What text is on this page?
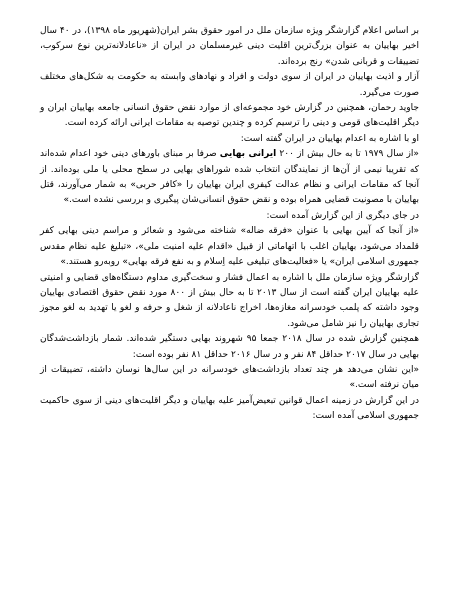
بر اساس اعلام گزارشگر ویژه سازمان ملل در امور حقوق بشر ایران(شهریور ماه ۱۳۹۸)، در ۴۰ سال اخیر بهاییان به عنوان بزرگ‌ترین اقلیت دینی غیرمسلمان در ایران از «ناعادلانه‌ترین نوع سرکوب، تضییقات و قربانی شدن» رنج برده‌اند.

آزار و اذیت بهاییان در ایران از سوی دولت و افراد و نهادهای وابسته به حکومت به شکل‌های مختلف صورت می‌گیرد.

جاوید رحمان، همچنین در گزارش خود مجموعه‌ای از موارد نقض حقوق انسانی جامعه بهاییان ایران و دیگر اقلیت‌های قومی و دینی را ترسیم کرده و چندین توصیه به مقامات ایرانی ارائه کرده است.

او با اشاره به اعدام بهاییان در ایران گفته است:

«از سال ۱۹۷۹ تا به حال بیش از ۲۰۰ ایرانی بهایی صرفا بر مبنای باورهای دینی خود اعدام شده‌اند که تقریبا نیمی از آن‌ها از نمایندگان انتخاب شده شوراهای بهایی در سطح محلی یا ملی بوده‌اند. از آنجا که مقامات ایرانی و نظام عدالت کیفری ایران بهاییان را «کافر حربی» به شمار می‌آورند، قتل بهاییان با مصونیت قضایی همراه بوده و نقض حقوق انسانی‌شان پیگیری و بررسی نشده است.»

در جای دیگری از این گزارش آمده است:

«از آنجا که آیین بهایی با عنوان «فرقه ضاله» شناخته می‌شود و شعائر و مراسم دینی بهایی کفر قلمداد می‌شود، بهاییان اغلب با اتهاماتی از قبیل «اقدام علیه امنیت ملی»، «تبلیغ علیه نظام مقدس جمهوری اسلامی ایران» یا «فعالیت‌های تبلیغی علیه ‌ا‌ِسلام و به نفع فرقه بهایی» روبه‌رو هستند.»

گزارشگر ویژه سازمان ملل با اشاره به اعمال فشار و سخت‌گیری مداوم دستگاه‌های قضایی و امنیتی علیه بهاییان ایران گفته است از سال ۲۰۱۳ تا به حال بیش از ۸۰۰ مورد نقض حقوق اقتصادی بهاییان وجود داشته که پلمب خودسرانه مغازه‌ها، اخراج ناعادلانه از شغل و حرفه و لغو یا تهدید به لغو مجوز تجاری بهاییان را نیز شامل می‌شود.

همچنین گزارش شده در سال ۲۰۱۸ جمعا ۹۵ شهروند بهایی دستگیر شده‌اند. شمار بازداشت‌شدگان بهایی در سال ۲۰۱۷ حداقل ۸۴ نفر و در سال ۲۰۱۶ حداقل ۸۱ نفر بوده است:

«این نشان می‌دهد هر چند تعداد بازداشت‌های خودسرانه در این سال‌ها نوسان داشته، تضییقات از میان نرفته است.»

در این گزارش در زمینه اعمال قوانین تبعیض‌آمیز علیه بهاییان و دیگر اقلیت‌های دینی از سوی حاکمیت جمهوری اسلامی آمده است:
